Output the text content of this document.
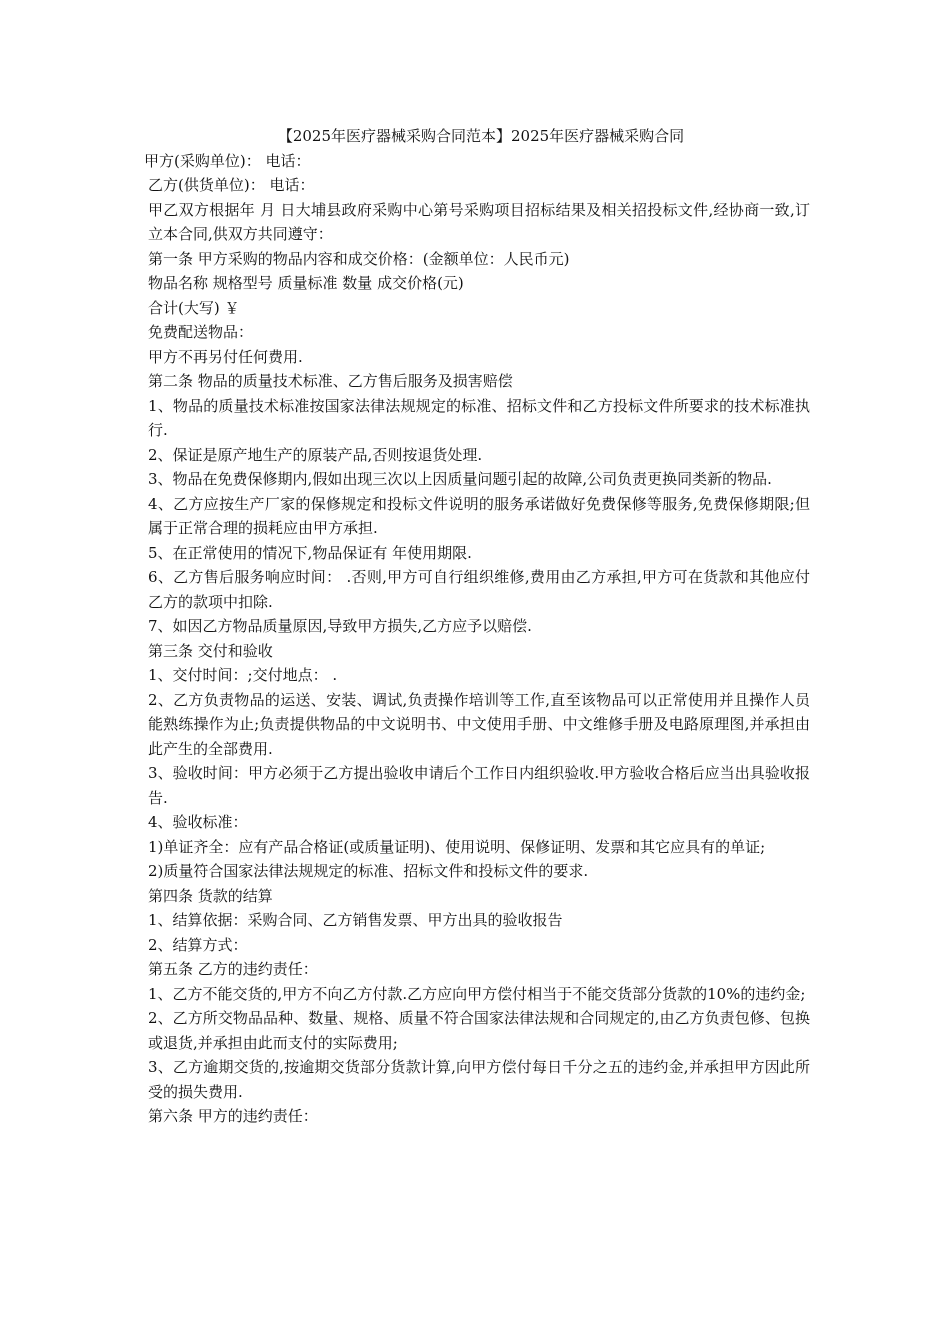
【2025年医疗器械采购合同范本】2025年医疗器械采购合同

甲方(采购单位)： 电话：

乙方(供货单位)： 电话：

甲乙双方根据年 月 日大埔县政府采购中心第号采购项目招标结果及相关招投标文件,经协商一致,订立本合同,供双方共同遵守：

第一条 甲方采购的物品内容和成交价格：(金额单位：人民币元)

物品名称 规格型号 质量标准 数量 成交价格(元)

合计(大写) ￥

免费配送物品：

甲方不再另付任何费用.

第二条 物品的质量技术标准、乙方售后服务及损害赔偿

1、物品的质量技术标准按国家法律法规规定的标准、招标文件和乙方投标文件所要求的技术标准执行.

2、保证是原产地生产的原装产品,否则按退货处理.

3、物品在免费保修期内,假如出现三次以上因质量问题引起的故障,公司负责更换同类新的物品.

4、乙方应按生产厂家的保修规定和投标文件说明的服务承诺做好免费保修等服务,免费保修期限;但属于正常合理的损耗应由甲方承担.

5、在正常使用的情况下,物品保证有 年使用期限.

6、乙方售后服务响应时间： .否则,甲方可自行组织维修,费用由乙方承担,甲方可在货款和其他应付乙方的款项中扣除.

7、如因乙方物品质量原因,导致甲方损失,乙方应予以赔偿.

第三条 交付和验收

1、交付时间：;交付地点： .

2、乙方负责物品的运送、安装、调试,负责操作培训等工作,直至该物品可以正常使用并且操作人员能熟练操作为止;负责提供物品的中文说明书、中文使用手册、中文维修手册及电路原理图,并承担由此产生的全部费用.

3、验收时间：甲方必须于乙方提出验收申请后个工作日内组织验收.甲方验收合格后应当出具验收报告.

4、验收标准：

1)单证齐全：应有产品合格证(或质量证明)、使用说明、保修证明、发票和其它应具有的单证;

2)质量符合国家法律法规规定的标准、招标文件和投标文件的要求.

第四条 货款的结算

1、结算依据：采购合同、乙方销售发票、甲方出具的验收报告

2、结算方式：

第五条 乙方的违约责任：

1、乙方不能交货的,甲方不向乙方付款.乙方应向甲方偿付相当于不能交货部分货款的10%的违约金;

2、乙方所交物品品种、数量、规格、质量不符合国家法律法规和合同规定的,由乙方负责包修、包换或退货,并承担由此而支付的实际费用;

3、乙方逾期交货的,按逾期交货部分货款计算,向甲方偿付每日千分之五的违约金,并承担甲方因此所受的损失费用.

第六条 甲方的违约责任：
